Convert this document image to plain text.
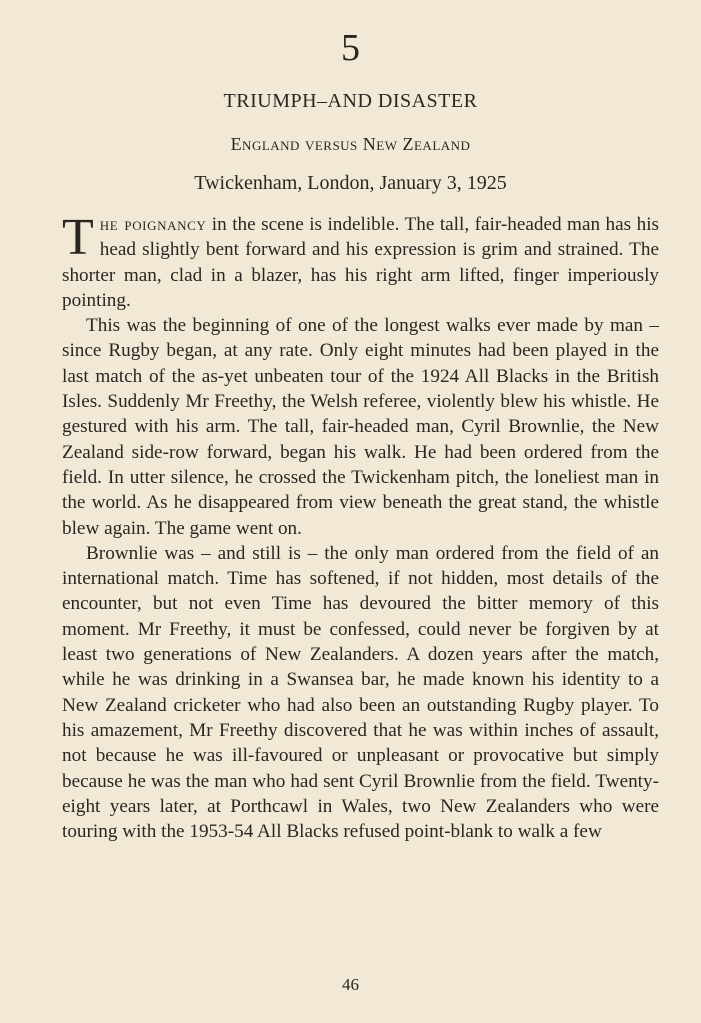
5
TRIUMPH–AND DISASTER
England versus New Zealand
Twickenham, London, January 3, 1925

The poignancy in the scene is indelible. The tall, fair-headed man has his head slightly bent forward and his expression is grim and strained. The shorter man, clad in a blazer, has his right arm lifted, finger imperiously pointing.

This was the beginning of one of the longest walks ever made by man – since Rugby began, at any rate. Only eight minutes had been played in the last match of the as-yet unbeaten tour of the 1924 All Blacks in the British Isles. Suddenly Mr Freethy, the Welsh referee, violently blew his whistle. He gestured with his arm. The tall, fair-headed man, Cyril Brownlie, the New Zealand side-row forward, began his walk. He had been ordered from the field. In utter silence, he crossed the Twickenham pitch, the loneliest man in the world. As he disappeared from view beneath the great stand, the whistle blew again. The game went on.

Brownlie was – and still is – the only man ordered from the field of an international match. Time has softened, if not hidden, most details of the encounter, but not even Time has devoured the bitter memory of this moment. Mr Freethy, it must be confessed, could never be forgiven by at least two generations of New Zealanders. A dozen years after the match, while he was drinking in a Swansea bar, he made known his identity to a New Zealand cricketer who had also been an outstanding Rugby player. To his amazement, Mr Freethy discovered that he was within inches of assault, not because he was ill-favoured or unpleasant or provocative but simply because he was the man who had sent Cyril Brownlie from the field. Twenty-eight years later, at Porthcawl in Wales, two New Zealanders who were touring with the 1953-54 All Blacks refused point-blank to walk a few

46
